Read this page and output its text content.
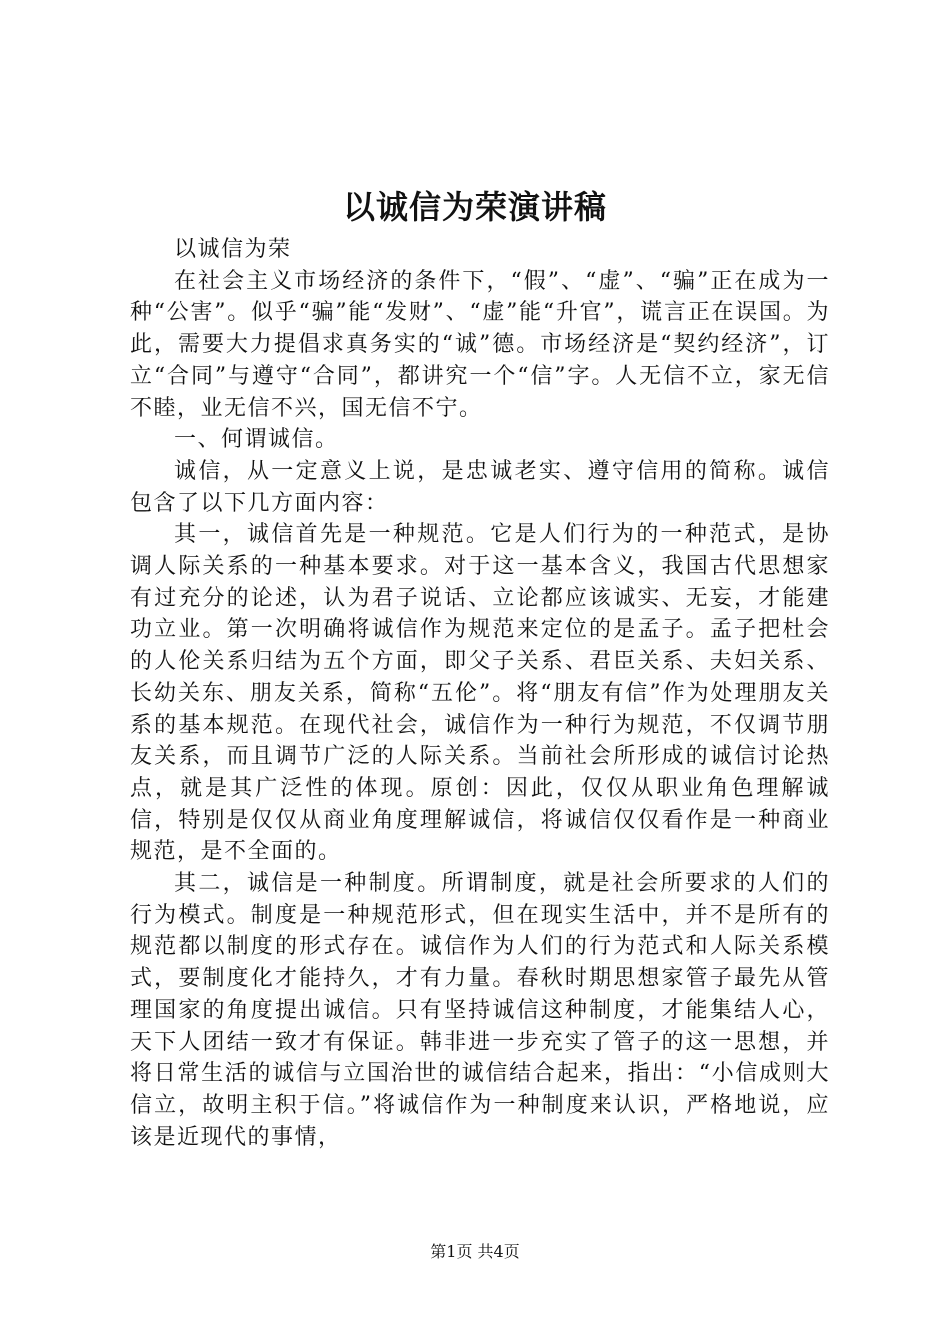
以诚信为荣演讲稿

以诚信为荣

在社会主义市场经济的条件下，“假”、“虚”、“骗”正在成为一种“公害”。似乎“骗”能“发财”、“虚”能“升官”，谎言正在误国。为此，需要大力提倡求真务实的“诚”德。市场经济是“契约经济”，订立“合同”与遵守“合同”，都讲究一个“信”字。人无信不立，家无信不睦，业无信不兴，国无信不宁。

一、何谓诚信。

诚信，从一定意义上说，是忠诚老实、遵守信用的简称。诚信包含了以下几方面内容：

其一，诚信首先是一种规范。它是人们行为的一种范式，是协调人际关系的一种基本要求。对于这一基本含义，我国古代思想家有过充分的论述，认为君子说话、立论都应该诚实、无妄，才能建功立业。第一次明确将诚信作为规范来定位的是孟子。孟子把杜会的人伦关系归结为五个方面，即父子关系、君臣关系、夫妇关系、长幼关东、朋友关系，简称“五伦”。将“朋友有信”作为处理朋友关系的基本规范。在现代社会，诚信作为一种行为规范，不仅调节朋友关系，而且调节广泛的人际关系。当前社会所形成的诚信讨论热点，就是其广泛性的体现。原创：因此，仅仅从职业角色理解诚信，特别是仅仅从商业角度理解诚信，将诚信仅仅看作是一种商业规范，是不全面的。

其二，诚信是一种制度。所谓制度，就是社会所要求的人们的行为模式。制度是一种规范形式，但在现实生活中，并不是所有的规范都以制度的形式存在。诚信作为人们的行为范式和人际关系模式，要制度化才能持久，才有力量。春秋时期思想家管子最先从管理国家的角度提出诚信。只有坚持诚信这种制度，才能集结人心，天下人团结一致才有保证。韩非进一步充实了管子的这一思想，并将日常生活的诚信与立国治世的诚信结合起来，指出：“小信成则大信立，故明主积于信。”将诚信作为一种制度来认识，严格地说，应该是近现代的事情，

第1页 共4页
